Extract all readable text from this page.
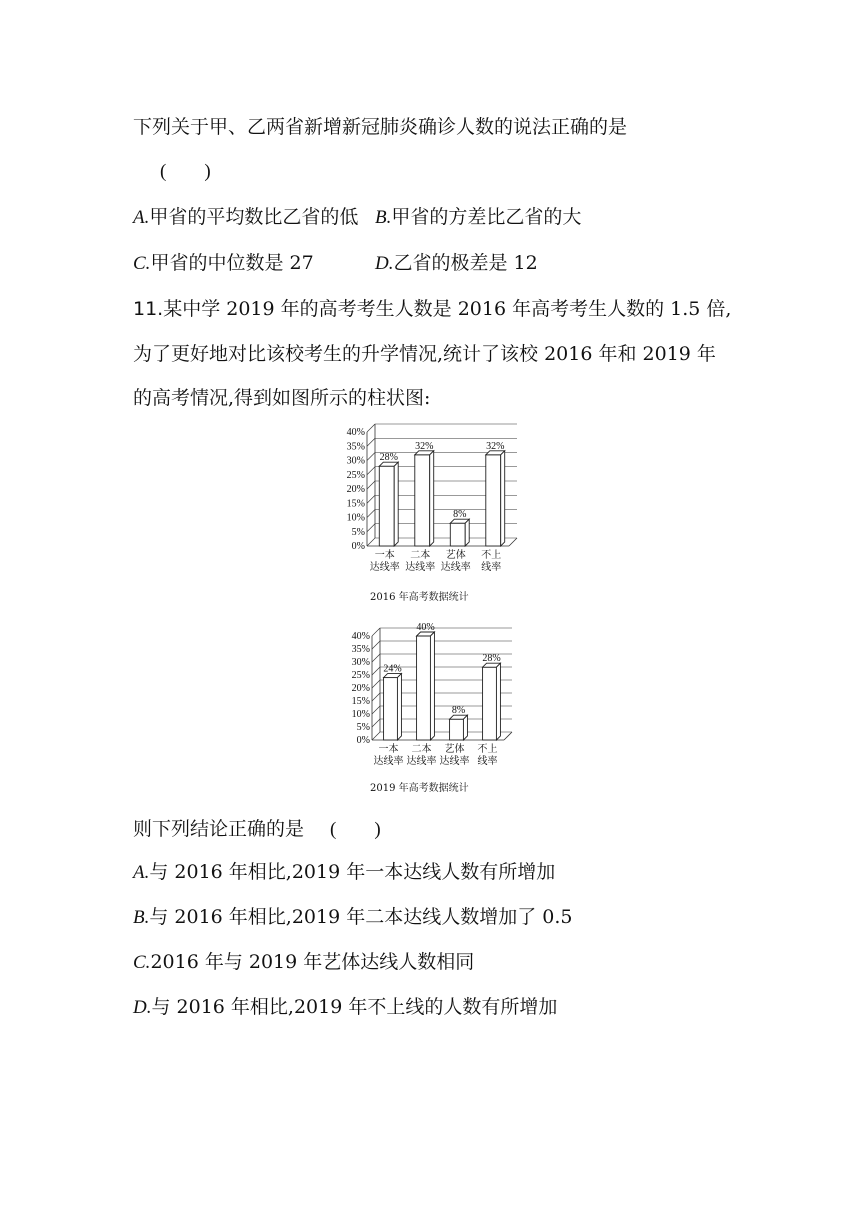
下列关于甲、乙两省新增新冠肺炎确诊人数的说法正确的是
(　　)
A.甲省的平均数比乙省的低 B.甲省的方差比乙省的大
C.甲省的中位数是 27	D.乙省的极差是 12
11.某中学 2019 年的高考考生人数是 2016 年高考考生人数的 1.5 倍,
为了更好地对比该校考生的升学情况,统计了该校 2016 年和 2019 年
的高考情况,得到如图所示的柱状图:
0%
5%
10%
15%
20%
25%
30%
35%
40%
28%
一本
达线率
32%
二本
达线率
8%
艺体
达线率
32%
不上
线率
2016 年高考数据统计
0%
5%
10%
15%
20%
25%
30%
35%
40%
24%
一本
达线率
40%
二本
达线率
8%
艺体
达线率
28%
不上
线率
2019 年高考数据统计
则下列结论正确的是 (　　)
A.与 2016 年相比,2019 年一本达线人数有所增加
B.与 2016 年相比,2019 年二本达线人数增加了 0.5
C.2016 年与 2019 年艺体达线人数相同
D.与 2016 年相比,2019 年不上线的人数有所增加
